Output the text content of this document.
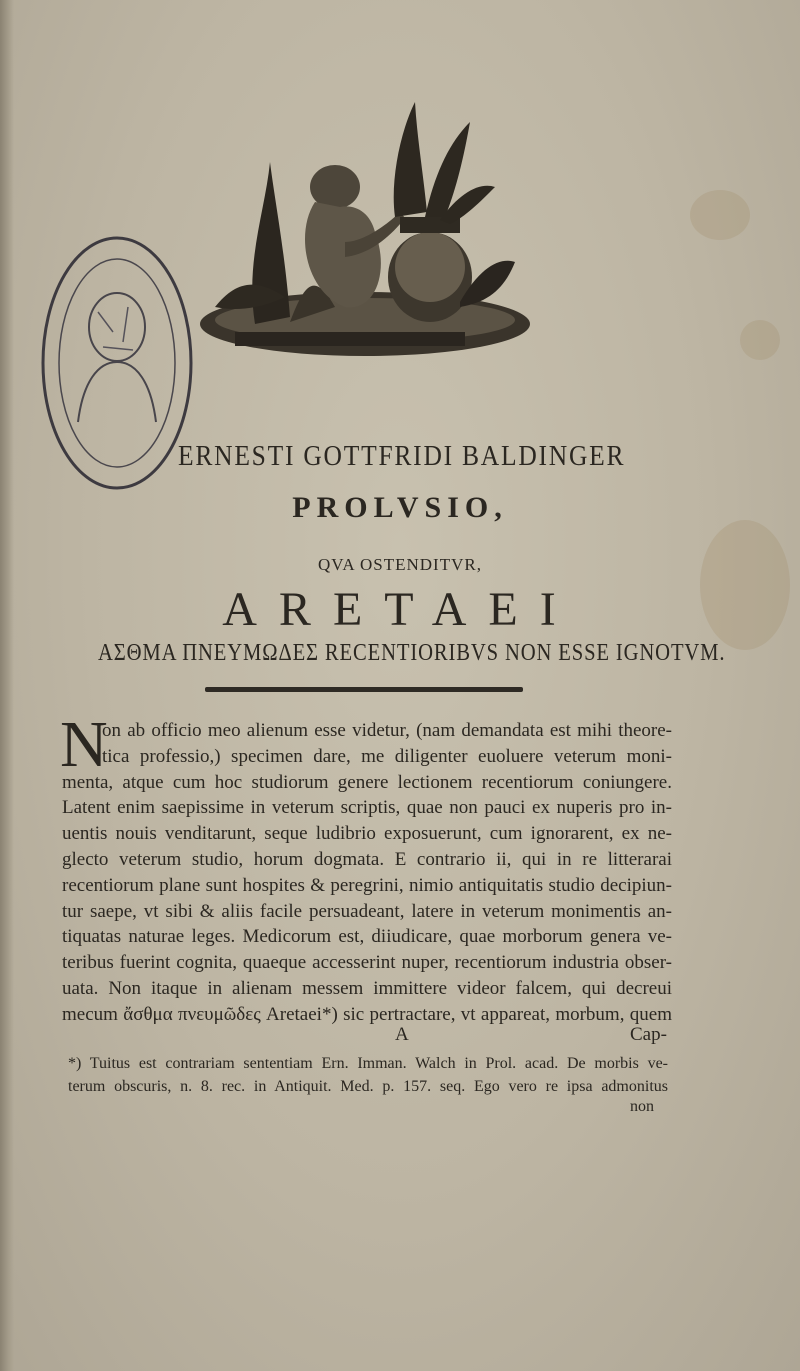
ERNESTI GOTTFRIDI BALDINGER
PROLVSIO,
QVA OSTENDITVR,
ARETAEI
ΑΣΘΜΑ ΠΝΕΥΜΩΔΕΣ RECENTIORIBVS NON ESSE IGNOTVM.
N
on ab officio meo alienum esse videtur, (nam demandata est mihi theore-
tica professio,) specimen dare, me diligenter euoluere veterum moni-
menta, atque cum hoc studiorum genere lectionem recentiorum coniungere.
Latent enim saepissime in veterum scriptis, quae non pauci ex nuperis pro in-
uentis nouis venditarunt, seque ludibrio exposuerunt, cum ignorarent, ex ne-
glecto veterum studio, horum dogmata. E contrario ii, qui in re litterarai
recentiorum plane sunt hospites & peregrini, nimio antiquitatis studio decipiun-
tur saepe, vt sibi & aliis facile persuadeant, latere in veterum monimentis an-
tiquatas naturae leges. Medicorum est, diiudicare, quae morborum genera ve-
teribus fuerint cognita, quaeque accesserint nuper, recentiorum industria obser-
uata. Non itaque in alienam messem immittere videor falcem, qui decreui
mecum ἄσθμα πνευμῶδες Aretaei*) sic pertractare, vt appareat, morbum, quem
A	Cap-
*) Tuitus est contrariam sententiam Ern. Imman. Walch in Prol. acad. De morbis ve-
terum obscuris, n. 8. rec. in Antiquit. Med. p. 157. seq. Ego vero re ipsa admonitus
non
